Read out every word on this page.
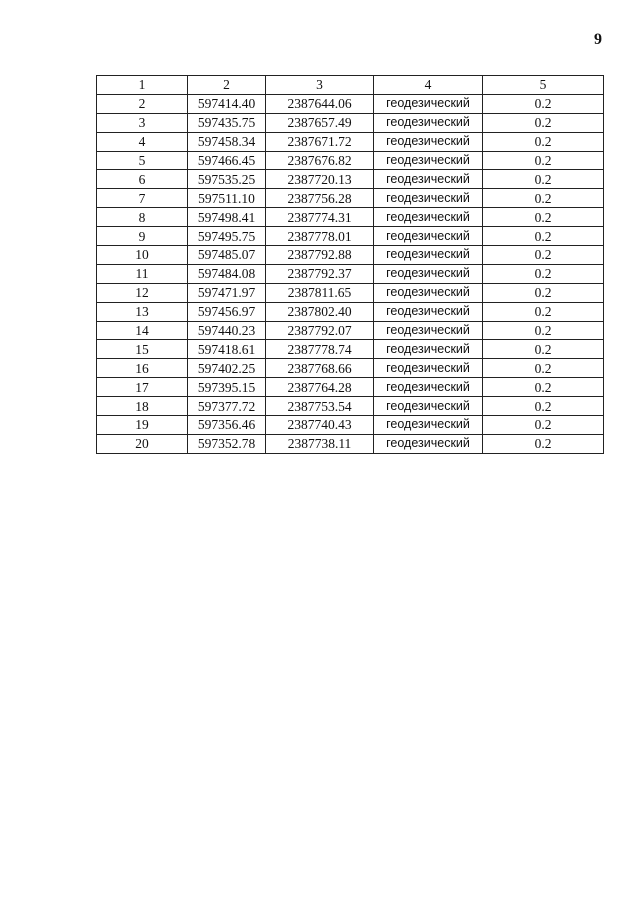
9
1	2	3	4	5
2	597414.40	2387644.06	геодезический	0.2
3	597435.75	2387657.49	геодезический	0.2
4	597458.34	2387671.72	геодезический	0.2
5	597466.45	2387676.82	геодезический	0.2
6	597535.25	2387720.13	геодезический	0.2
7	597511.10	2387756.28	геодезический	0.2
8	597498.41	2387774.31	геодезический	0.2
9	597495.75	2387778.01	геодезический	0.2
10	597485.07	2387792.88	геодезический	0.2
11	597484.08	2387792.37	геодезический	0.2
12	597471.97	2387811.65	геодезический	0.2
13	597456.97	2387802.40	геодезический	0.2
14	597440.23	2387792.07	геодезический	0.2
15	597418.61	2387778.74	геодезический	0.2
16	597402.25	2387768.66	геодезический	0.2
17	597395.15	2387764.28	геодезический	0.2
18	597377.72	2387753.54	геодезический	0.2
19	597356.46	2387740.43	геодезический	0.2
20	597352.78	2387738.11	геодезический	0.2
